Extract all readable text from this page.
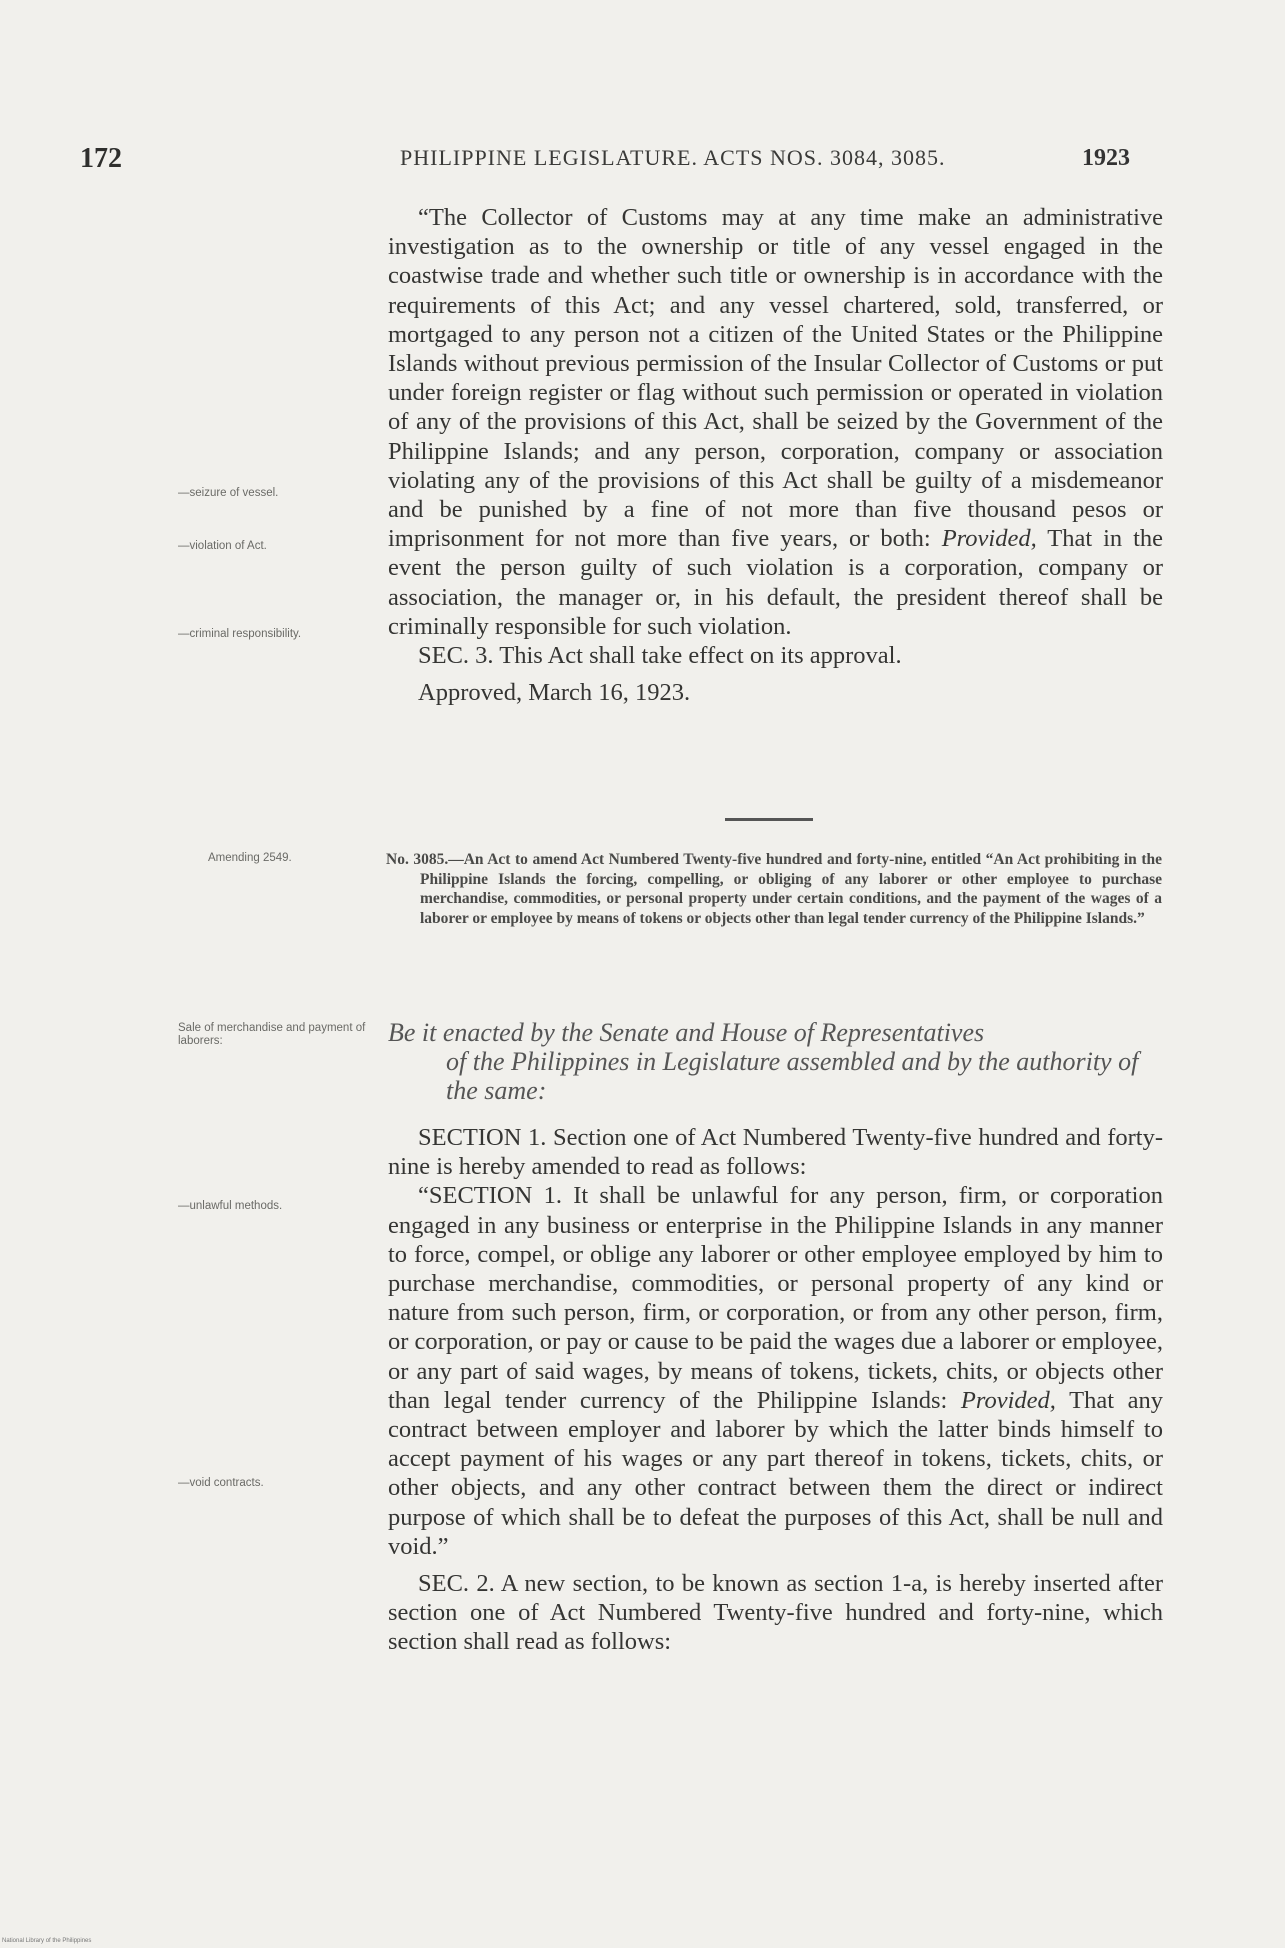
172	PHILIPPINE LEGISLATURE. ACTS NOS. 3084, 3085.	1923

“The Collector of Customs may at any time make an administrative investigation as to the ownership or title of any vessel engaged in the coastwise trade and whether such title or ownership is in accordance with the requirements of this Act; and any vessel chartered, sold, transferred, or mortgaged to any person not a citizen of the United States or the Philippine Islands without previous permission of the Insular Collector of Customs or put under foreign register or flag without such permission or operated in violation of any of the provisions of this Act, shall be seized by the Government of the Philippine Islands; and any person, corporation, company or association violating any of the provisions of this Act shall be guilty of a misdemeanor and be punished by a fine of not more than five thousand pesos or imprisonment for not more than five years, or both: Provided, That in the event the person guilty of such violation is a corporation, company or association, the manager or, in his default, the president thereof shall be criminally responsible for such violation.

SEC. 3. This Act shall take effect on its approval.

Approved, March 16, 1923.

—seizure of vessel.
—violation of Act.
—criminal responsibility.
Amending 2549.	No. 3085.—An Act to amend Act Numbered Twenty-five hundred and forty-nine, entitled “An Act prohibiting in the Philippine Islands the forcing, compelling, or obliging of any laborer or other employee to purchase merchandise, commodities, or personal property under certain conditions, and the payment of the wages of a laborer or employee by means of tokens or objects other than legal tender currency of the Philippine Islands.”
Sale of merchandise and payment of laborers:	Be it enacted by the Senate and House of Representatives
of the Philippines in Legislature assembled and by the authority of the same:

SECTION 1. Section one of Act Numbered Twenty-five hundred and forty-nine is hereby amended to read as follows:

“SECTION 1. It shall be unlawful for any person, firm, or corporation engaged in any business or enterprise in the Philippine Islands in any manner to force, compel, or oblige any laborer or other employee employed by him to purchase merchandise, commodities, or personal property of any kind or nature from such person, firm, or corporation, or from any other person, firm, or corporation, or pay or cause to be paid the wages due a laborer or employee, or any part of said wages, by means of tokens, tickets, chits, or objects other than legal tender currency of the Philippine Islands: Provided, That any contract between employer and laborer by which the latter binds himself to accept payment of his wages or any part thereof in tokens, tickets, chits, or other objects, and any other contract between them the direct or indirect purpose of which shall be to defeat the purposes of this Act, shall be null and void.”

SEC. 2. A new section, to be known as section 1-a, is hereby inserted after section one of Act Numbered Twenty-five hundred and forty-nine, which section shall read as follows:

—unlawful methods.
—void contracts.
National Library of the Philippines
